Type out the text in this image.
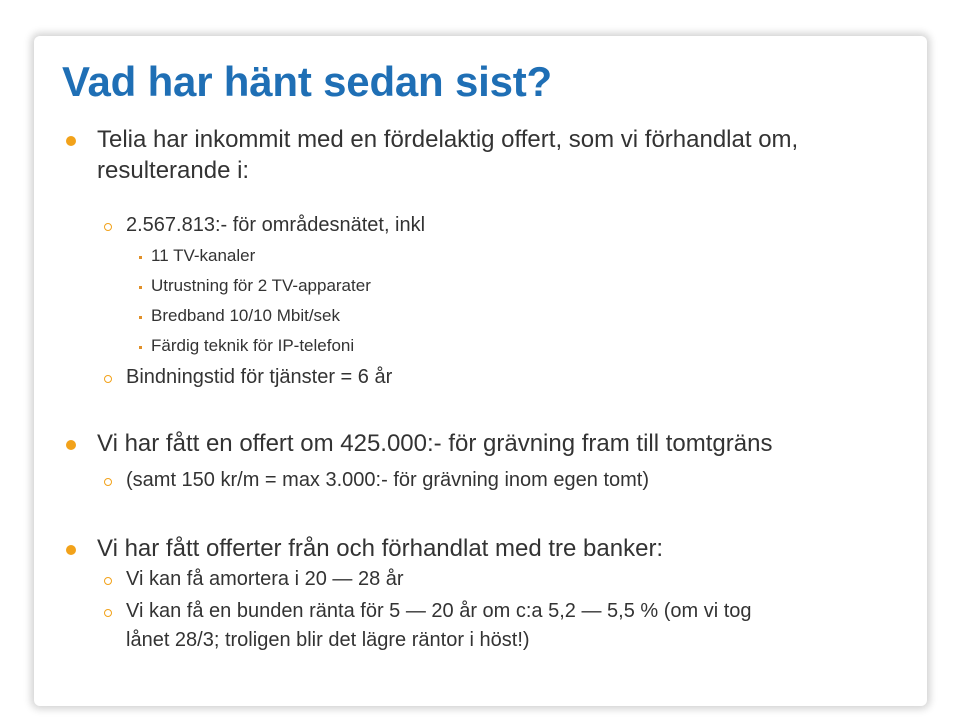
Vad har hänt sedan sist?
Telia har inkommit med en fördelaktig offert, som vi förhandlat om,
resulterande i:
2.567.813:- för områdesnätet, inkl
11 TV-kanaler
Utrustning för 2 TV-apparater
Bredband 10/10 Mbit/sek
Färdig teknik för IP-telefoni
Bindningstid för tjänster = 6 år
Vi har fått en offert om 425.000:- för grävning fram till tomtgräns
(samt 150 kr/m = max 3.000:- för grävning inom egen tomt)
Vi har fått offerter från och förhandlat med tre banker:
Vi kan få amortera i 20 — 28 år
Vi kan få en bunden ränta för 5 — 20 år om c:a 5,2 — 5,5 % (om vi tog
lånet 28/3; troligen blir det lägre räntor i höst!)
